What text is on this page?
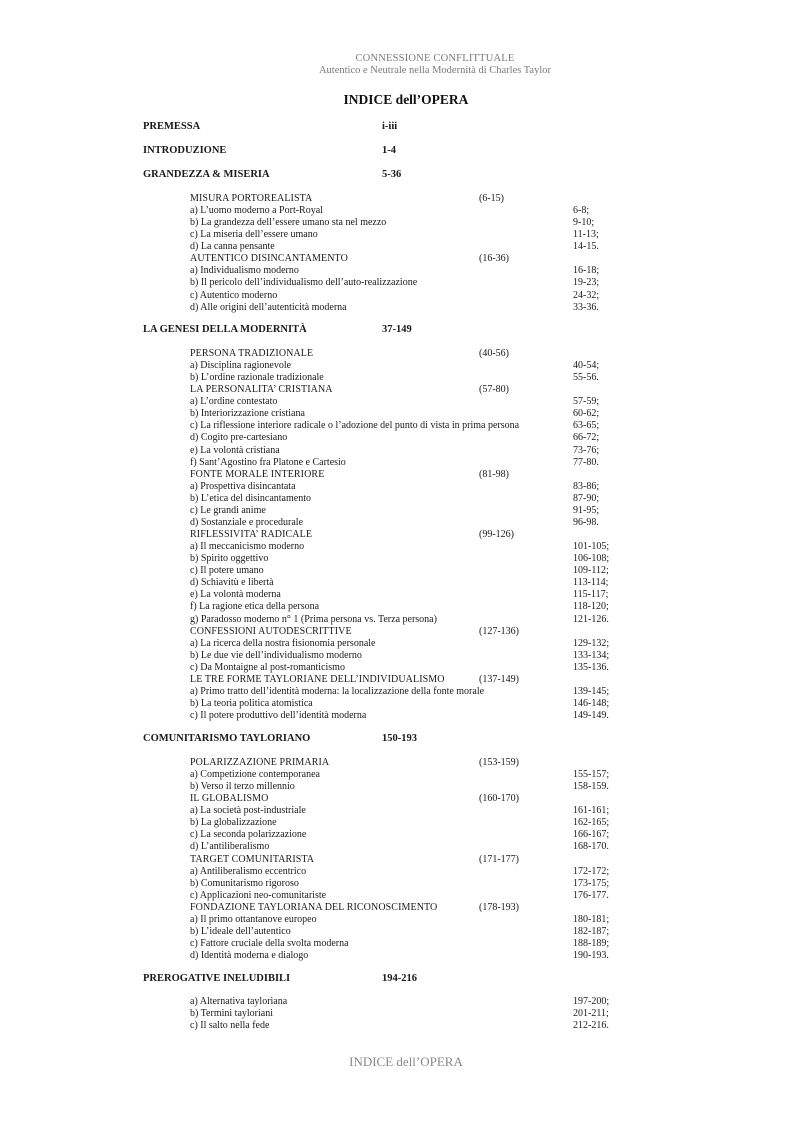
CONNESSIONE CONFLITTUALE
Autentico e Neutrale nella Modernità di Charles Taylor
INDICE dell’OPERA
PREMESSA	i-iii
INTRODUZIONE	1-4
GRANDEZZA & MISERIA	5-36
MISURA PORTOREALISTA	(6-15)
a) L’uomo moderno a Port-Royal	6-8;
b) La grandezza dell’essere umano sta nel mezzo	9-10;
c) La miseria dell’essere umano	11-13;
d) La canna pensante	14-15.
AUTENTICO DISINCANTAMENTO	(16-36)
a) Individualismo moderno	16-18;
b) Il pericolo dell’individualismo dell’auto-realizzazione	19-23;
c) Autentico moderno	24-32;
d) Alle origini dell’autenticità moderna	33-36.
LA GENESI DELLA MODERNITÀ	37-149
PERSONA TRADIZIONALE	(40-56)
a) Disciplina ragionevole	40-54;
b) L’ordine razionale tradizionale	55-56.
LA PERSONALITA’ CRISTIANA	(57-80)
a) L’ordine contestato	57-59;
b) Interiorizzazione cristiana	60-62;
c) La riflessione interiore radicale o l’adozione del punto di vista in prima persona	63-65;
d) Cogito pre-cartesiano	66-72;
e) La volontà cristiana	73-76;
f) Sant’Agostino fra Platone e Cartesio	77-80.
FONTE MORALE INTERIORE	(81-98)
a) Prospettiva disincantata	83-86;
b) L’etica del disincantamento	87-90;
c) Le grandi anime	91-95;
d) Sostanziale e procedurale	96-98.
RIFLESSIVITA’ RADICALE	(99-126)
a) Il meccanicismo moderno	101-105;
b) Spirito oggettivo	106-108;
c) Il potere umano	109-112;
d) Schiavitù e libertà	113-114;
e) La volontà moderna	115-117;
f) La ragione etica della persona	118-120;
g) Paradosso moderno n° 1 (Prima persona vs. Terza persona)	121-126.
CONFESSIONI AUTODESCRITTIVE	(127-136)
a) La ricerca della nostra fisionomia personale	129-132;
b) Le due vie dell’individualismo moderno	133-134;
c) Da Montaigne al post-romanticismo	135-136.
LE TRE FORME TAYLORIANE DELL’INDIVIDUALISMO	(137-149)
a) Primo tratto dell’identità moderna: la localizzazione della fonte morale	139-145;
b) La teoria politica atomistica	146-148;
c) Il potere produttivo dell’identità moderna	149-149.
COMUNITARISMO TAYLORIANO	150-193
POLARIZZAZIONE PRIMARIA	(153-159)
a) Competizione contemporanea	155-157;
b) Verso il terzo millennio	158-159.
IL GLOBALISMO	(160-170)
a) La società post-industriale	161-161;
b) La globalizzazione	162-165;
c) La seconda polarizzazione	166-167;
d) L’antiliberalismo	168-170.
TARGET COMUNITARISTA	(171-177)
a) Antiliberalismo eccentrico	172-172;
b) Comunitarismo rigoroso	173-175;
c) Applicazioni neo-comunitariste	176-177.
FONDAZIONE TAYLORIANA DEL RICONOSCIMENTO	(178-193)
a) Il primo ottantanove europeo	180-181;
b) L’ideale dell’autentico	182-187;
c) Fattore cruciale della svolta moderna	188-189;
d) Identità moderna e dialogo	190-193.
PREROGATIVE INELUDIBILI	194-216
a) Alternativa tayloriana	197-200;
b) Termini tayloriani	201-211;
c) Il salto nella fede	212-216.
INDICE dell’OPERA
